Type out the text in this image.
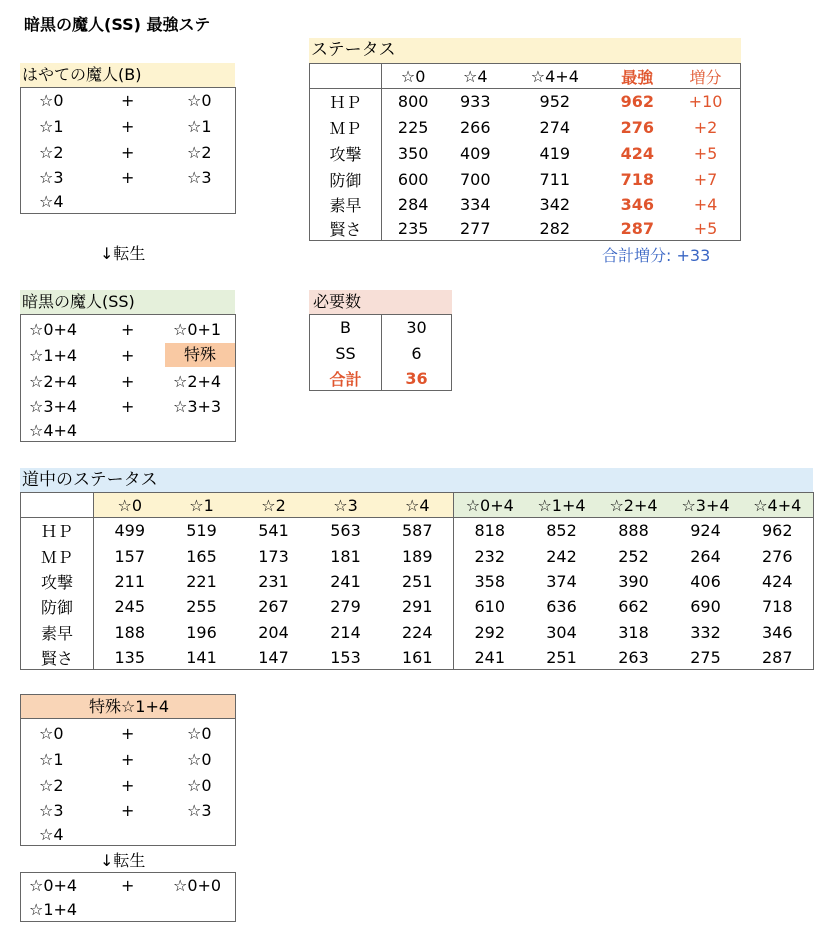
暗黒の魔人(SS) 最強ステ
はやての魔人(B)
☆0	+	☆0
☆1	+	☆1
☆2	+	☆2
☆3	+	☆3
☆4
↓転生
暗黒の魔人(SS)
☆0+4	+ ☆0+1
☆1+4	+	特殊
☆2+4	+ ☆2+4
☆3+4	+ ☆3+3
☆4+4
ステータス
	☆0	☆4	☆4+4	最強	増分
ＨＰ	800	933	952	962	+10
ＭＰ	225	266	274	276	+2
攻撃	350	409	419	424	+5
防御	600	700	711	718	+7
素早	284	334	342	346	+4
賢さ	235	277	282	287	+5
合計増分: +33
必要数
B	30
SS	6
合計	36
道中のステータス
	☆0	☆1	☆2	☆3	☆4	☆0+4	☆1+4	☆2+4	☆3+4	☆4+4
ＨＰ	499	519	541	563	587	818	852	888	924	962
ＭＰ	157	165	173	181	189	232	242	252	264	276
攻撃	211	221	231	241	251	358	374	390	406	424
防御	245	255	267	279	291	610	636	662	690	718
素早	188	196	204	214	224	292	304	318	332	346
賢さ	135	141	147	153	161	241	251	263	275	287
特殊☆1+4
☆0	+	☆0
☆1	+	☆0
☆2	+	☆0
☆3	+	☆3
☆4
↓転生
☆0+4	+ ☆0+0
☆1+4
